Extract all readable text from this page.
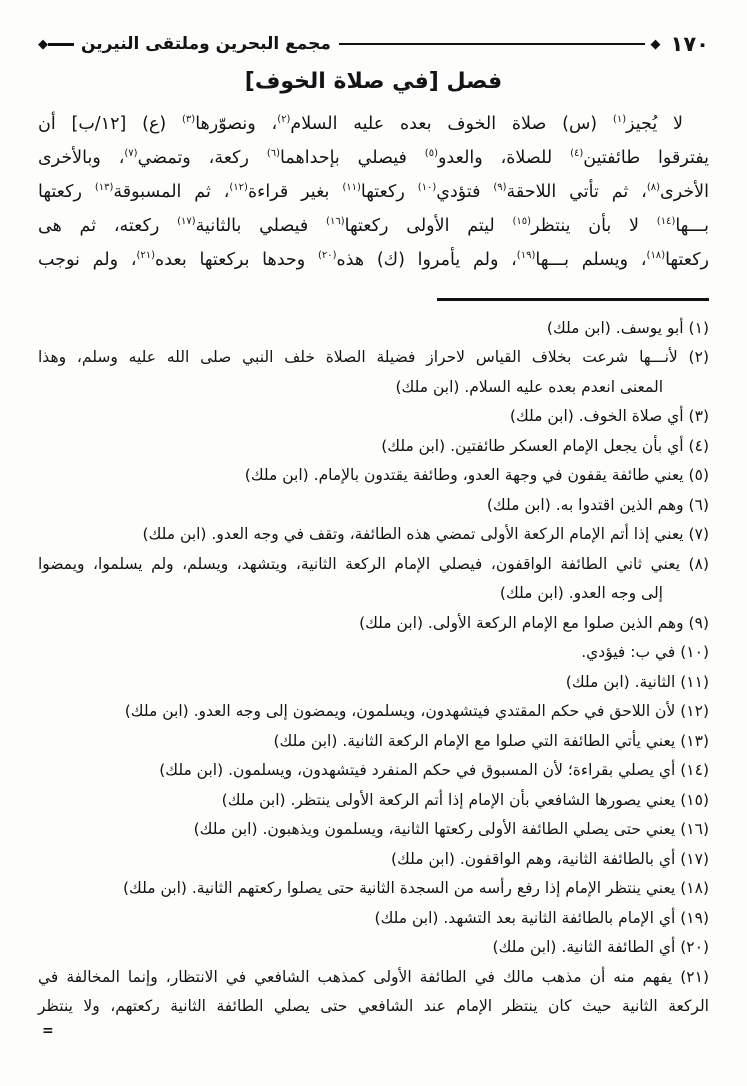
◆ مجمع البحرين وملتقى النيرين	◆ ١٧٠
فصل [في صلاة الخوف]
لا يُجيز$^{(١)}$ (س) صلاة الخوف بعده عليه السلام$^{(٢)}$، ونصوّرها$^{(٣)}$ (ع) [١٢/ب] أن
يفترقوا طائفتين$^{(٤)}$ للصلاة، والعدو$^{(٥)}$ فيصلي بإحداهما$^{(٦)}$ ركعة، وتمضي$^{(٧)}$، وبالأخرى
الأخرى$^{(٨)}$، ثم تأتي اللاحقة$^{(٩)}$ فتؤدي$^{(١٠)}$ ركعتها$^{(١١)}$ بغير قراءة$^{(١٢)}$، ثم المسبوقة$^{(١٣)}$ ركعتها
بـــها$^{(١٤)}$ لا بأن ينتظر$^{(١٥)}$ ليتم الأولى ركعتها$^{(١٦)}$ فيصلي بالثانية$^{(١٧)}$ ركعته، ثم هى
ركعتها$^{(١٨)}$، ويسلم بـــها$^{(١٩)}$، ولم يأمروا (ك) هذه$^{(٢٠)}$ وحدها بركعتها بعده$^{(٢١)}$، ولم نوجب
(١) أبو يوسف. (ابن ملك)
(٢) لأنـــها شرعت بخلاف القياس لاحراز فضيلة الصلاة خلف النبي صلى الله عليه وسلم، وهذا
المعنى انعدم بعده عليه السلام. (ابن ملك)
(٣) أي صلاة الخوف. (ابن ملك)
(٤) أي بأن يجعل الإمام العسكر طائفتين. (ابن ملك)
(٥) يعني طائفة يقفون في وجهة العدو، وطائفة يقتدون بالإمام. (ابن ملك)
(٦) وهم الذين اقتدوا به. (ابن ملك)
(٧) يعني إذا أتم الإمام الركعة الأولى تمضي هذه الطائفة، وتقف في وجه العدو. (ابن ملك)
(٨) يعني ثاني الطائفة الواقفون، فيصلي الإمام الركعة الثانية، ويتشهد، ويسلم، ولم يسلموا، ويمضوا
إلى وجه العدو. (ابن ملك)
(٩) وهم الذين صلوا مع الإمام الركعة الأولى. (ابن ملك)
(١٠) في ب: فيؤدي.
(١١) الثانية. (ابن ملك)
(١٢) لأن اللاحق في حكم المقتدي فيتشهدون، ويسلمون، ويمضون إلى وجه العدو. (ابن ملك)
(١٣) يعني يأتي الطائفة التي صلوا مع الإمام الركعة الثانية. (ابن ملك)
(١٤) أي يصلي بقراءة؛ لأن المسبوق في حكم المنفرد فيتشهدون، ويسلمون. (ابن ملك)
(١٥) يعني يصورها الشافعي بأن الإمام إذا أتم الركعة الأولى ينتظر. (ابن ملك)
(١٦) يعني حتى يصلي الطائفة الأولى ركعتها الثانية، ويسلمون ويذهبون. (ابن ملك)
(١٧) أي بالطائفة الثانية، وهم الواقفون. (ابن ملك)
(١٨) يعني ينتظر الإمام إذا رفع رأسه من السجدة الثانية حتى يصلوا ركعتهم الثانية. (ابن ملك)
(١٩) أي الإمام بالطائفة الثانية بعد التشهد. (ابن ملك)
(٢٠) أي الطائفة الثانية. (ابن ملك)
(٢١) يفهم منه أن مذهب مالك في الطائفة الأولى كمذهب الشافعي في الانتظار، وإنما المخالفة في
الركعة الثانية حيث كان ينتظر الإمام عند الشافعي حتى يصلي الطائفة الثانية ركعتهم، ولا ينتظر
=
